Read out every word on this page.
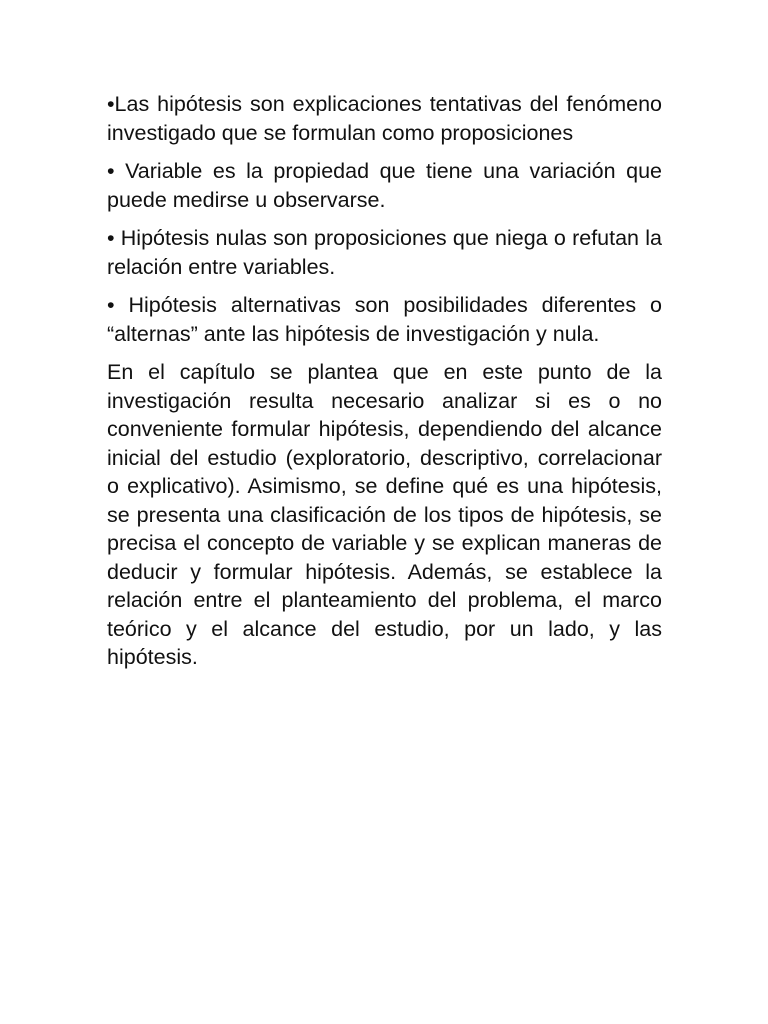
•Las hipótesis son explicaciones tentativas del fenómeno investigado que se formulan como proposiciones

• Variable es la propiedad que tiene una variación que puede medirse u observarse.

• Hipótesis nulas son proposiciones que niega o refutan la relación entre variables.

• Hipótesis alternativas son posibilidades diferentes o “alternas” ante las hipótesis de investigación y nula.

En el capítulo se plantea que en este punto de la investigación resulta necesario analizar si es o no conveniente formular hipótesis, dependiendo del alcance inicial del estudio (exploratorio, descriptivo, correlacionar o explicativo). Asimismo, se define qué es una hipótesis, se presenta una clasificación de los tipos de hipótesis, se precisa el concepto de variable y se explican maneras de deducir y formular hipótesis. Además, se establece la relación entre el planteamiento del problema, el marco teórico y el alcance del estudio, por un lado, y las hipótesis.
